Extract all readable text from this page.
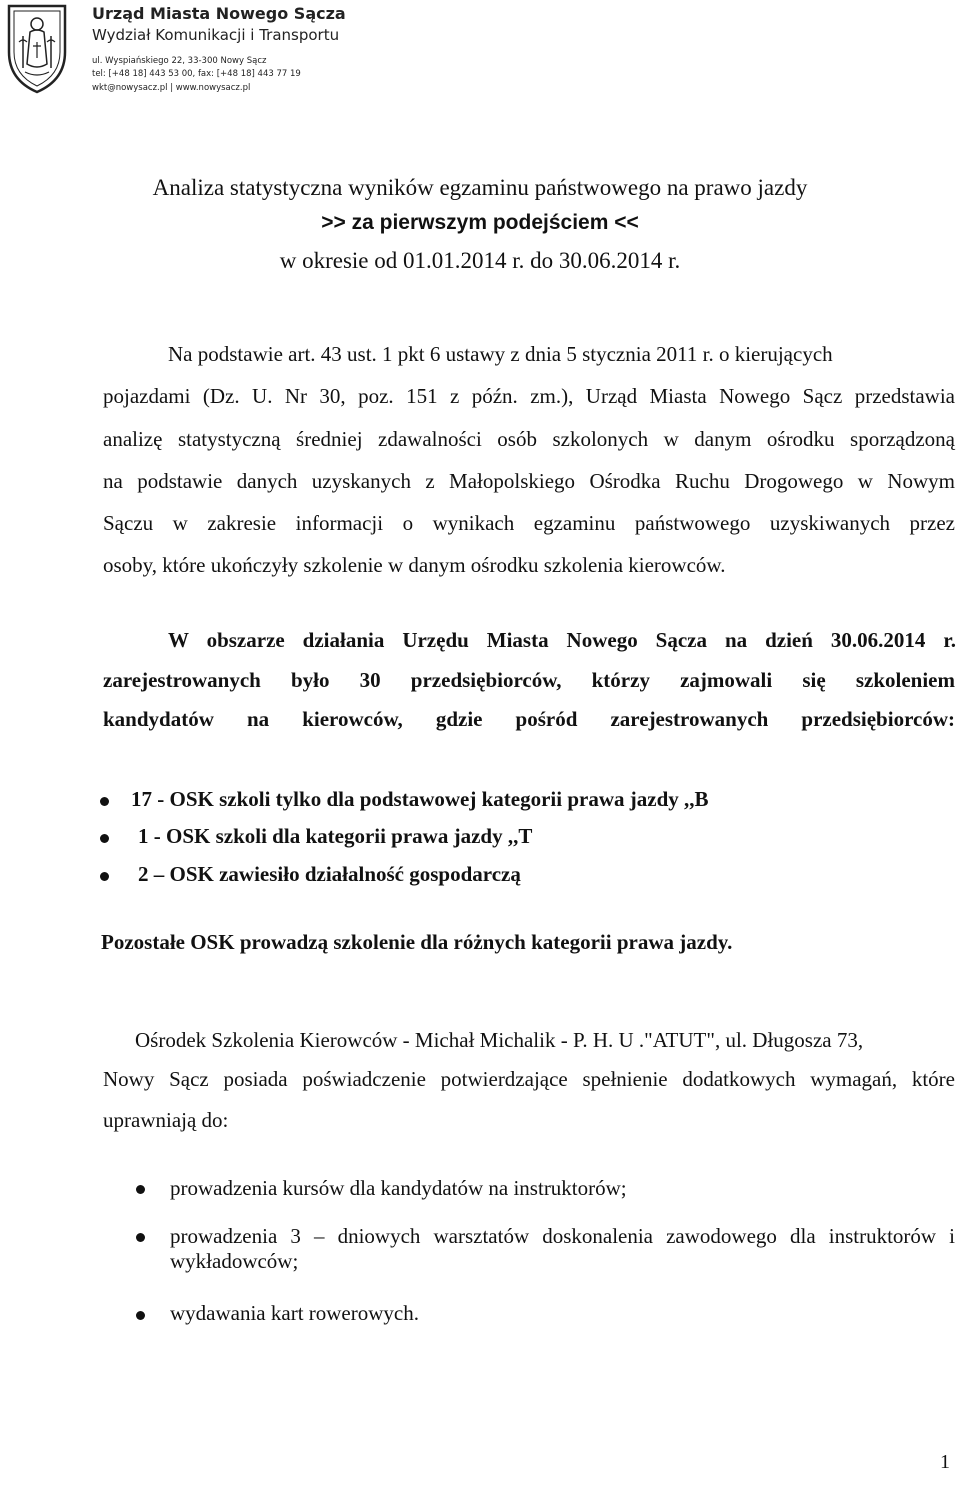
Urząd Miasta Nowego Sącza
Wydział Komunikacji i Transportu
ul. Wyspiańskiego 22, 33-300 Nowy Sącz
tel: [+48 18] 443 53 00, fax: [+48 18] 443 77 19
wkt@nowysacz.pl | www.nowysacz.pl
Analiza statystyczna wyników egzaminu państwowego na prawo jazdy
>> za pierwszym podejściem <<
w okresie od 01.01.2014 r. do 30.06.2014 r.
Na podstawie art. 43 ust. 1 pkt 6 ustawy z dnia 5 stycznia 2011 r. o kierujących
pojazdami (Dz. U. Nr 30, poz. 151 z późn. zm.), Urząd Miasta Nowego Sącz przedstawia
analizę statystyczną średniej zdawalności osób szkolonych w danym ośrodku sporządzoną
na podstawie danych uzyskanych z Małopolskiego Ośrodka Ruchu Drogowego w Nowym
Sączu w zakresie informacji o wynikach egzaminu państwowego uzyskiwanych przez
osoby, które ukończyły szkolenie w danym ośrodku szkolenia kierowców.
W obszarze działania Urzędu Miasta Nowego Sącza na dzień 30.06.2014 r.
zarejestrowanych było 30 przedsiębiorców, którzy zajmowali się szkoleniem
kandydatów na kierowców, gdzie pośród zarejestrowanych przedsiębiorców:
17 - OSK szkoli tylko dla podstawowej kategorii prawa jazdy ,,B
1 - OSK szkoli dla kategorii prawa jazdy ,,T
2 – OSK zawiesiło działalność gospodarczą
Pozostałe OSK prowadzą szkolenie dla różnych kategorii prawa jazdy.
Ośrodek Szkolenia Kierowców - Michał Michalik - P. H. U ."ATUT", ul. Długosza 73,
Nowy Sącz posiada poświadczenie potwierdzające spełnienie dodatkowych wymagań, które
uprawniają do:
prowadzenia kursów dla kandydatów na instruktorów;
prowadzenia 3 – dniowych warsztatów doskonalenia zawodowego dla instruktorów i
wykładowców;
wydawania kart rowerowych.
1
